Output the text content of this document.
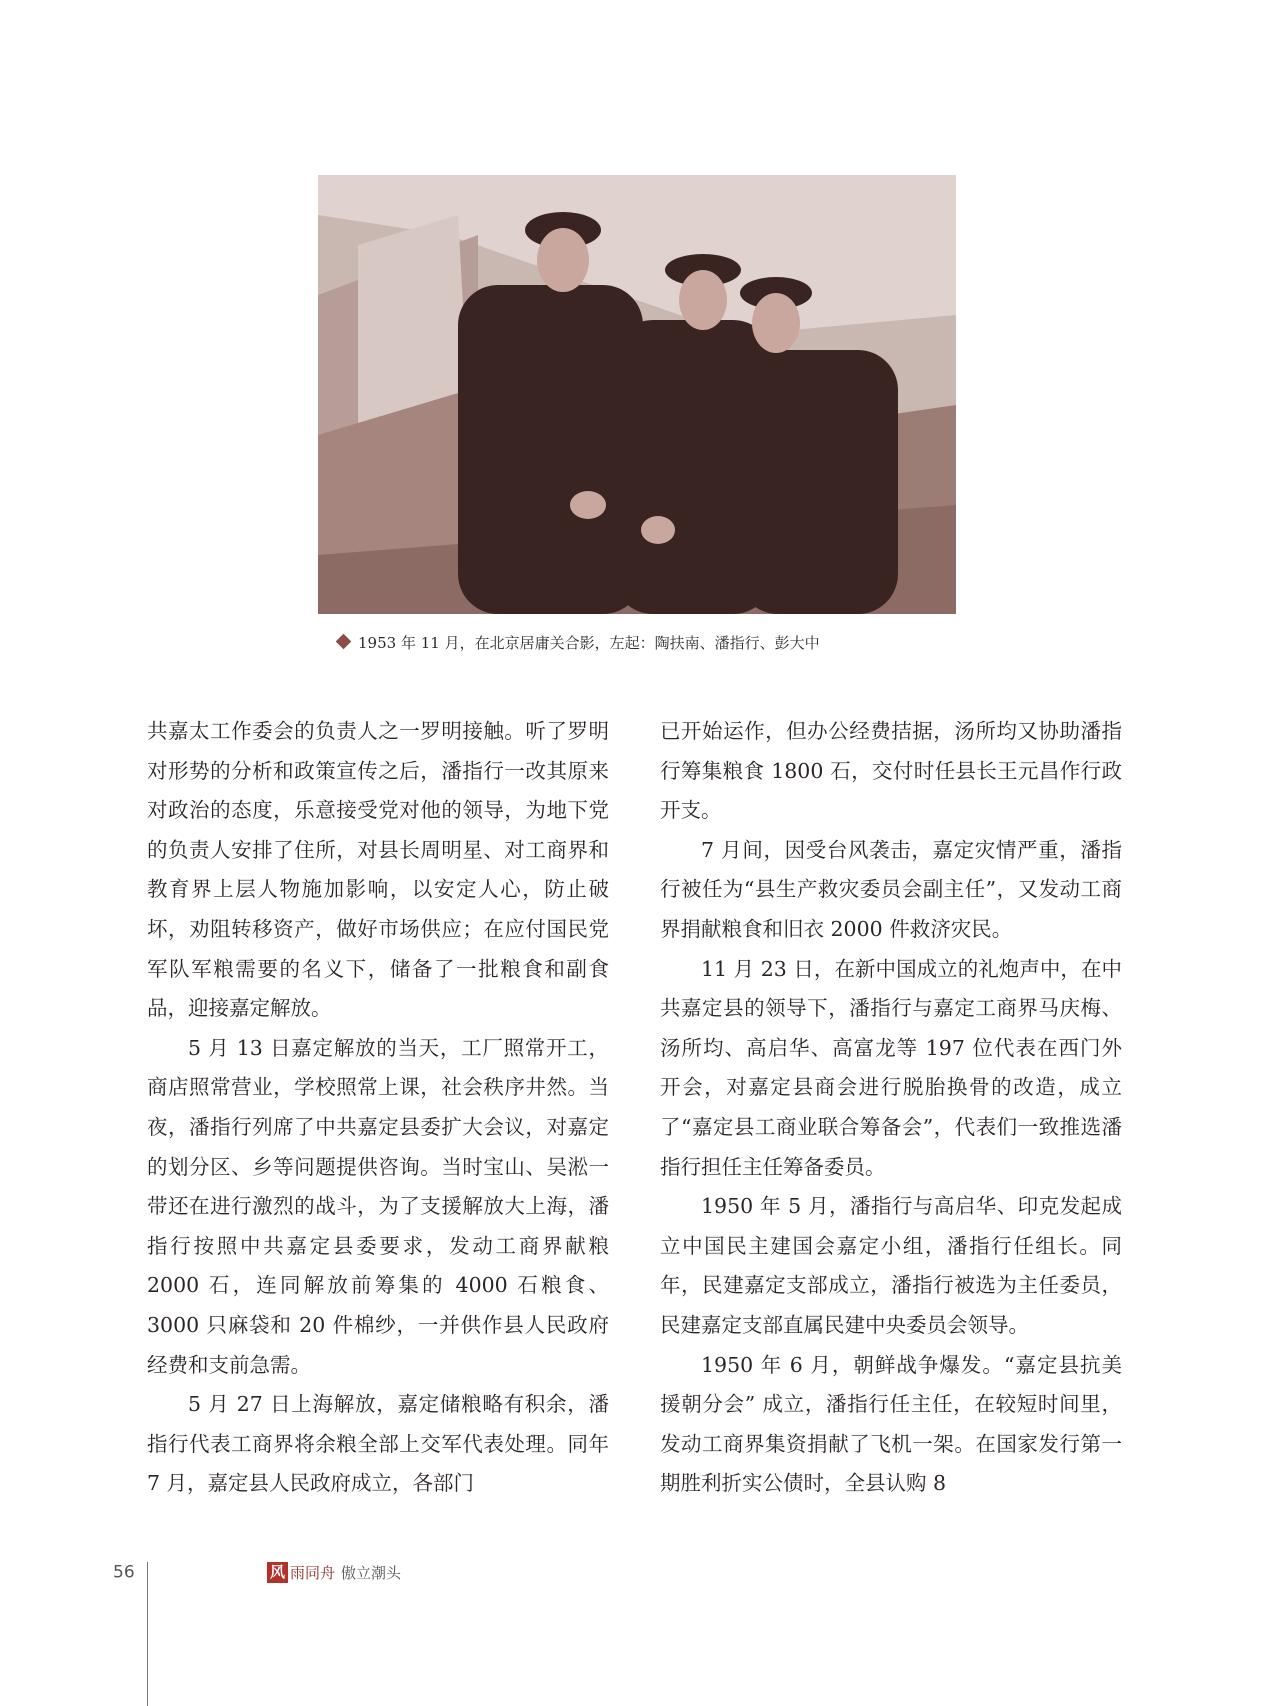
1953 年 11 月，在北京居庸关合影，左起：陶扶南、潘指行、彭大中

共嘉太工作委会的负责人之一罗明接触。听了罗明对形势的分析和政策宣传之后，潘指行一改其原来对政治的态度，乐意接受党对他的领导，为地下党的负责人安排了住所，对县长周明星、对工商界和教育界上层人物施加影响，以安定人心，防止破坏，劝阻转移资产，做好市场供应；在应付国民党军队军粮需要的名义下，储备了一批粮食和副食品，迎接嘉定解放。

5 月 13 日嘉定解放的当天，工厂照常开工，商店照常营业，学校照常上课，社会秩序井然。当夜，潘指行列席了中共嘉定县委扩大会议，对嘉定的划分区、乡等问题提供咨询。当时宝山、吴淞一带还在进行激烈的战斗，为了支援解放大上海，潘指行按照中共嘉定县委要求，发动工商界献粮 2000 石，连同解放前筹集的 4000 石粮食、3000 只麻袋和 20 件棉纱，一并供作县人民政府经费和支前急需。

5 月 27 日上海解放，嘉定储粮略有积余，潘指行代表工商界将余粮全部上交军代表处理。同年 7 月，嘉定县人民政府成立，各部门

已开始运作，但办公经费拮据，汤所均又协助潘指行筹集粮食 1800 石，交付时任县长王元昌作行政开支。

7 月间，因受台风袭击，嘉定灾情严重，潘指行被任为“县生产救灾委员会副主任”，又发动工商界捐献粮食和旧衣 2000 件救济灾民。

11 月 23 日，在新中国成立的礼炮声中，在中共嘉定县的领导下，潘指行与嘉定工商界马庆梅、汤所均、高启华、高富龙等 197 位代表在西门外开会，对嘉定县商会进行脱胎换骨的改造，成立了“嘉定县工商业联合筹备会”，代表们一致推选潘指行担任主任筹备委员。

1950 年 5 月，潘指行与高启华、印克发起成立中国民主建国会嘉定小组，潘指行任组长。同年，民建嘉定支部成立，潘指行被选为主任委员，民建嘉定支部直属民建中央委员会领导。

1950 年 6 月，朝鲜战争爆发。“嘉定县抗美援朝分会” 成立，潘指行任主任，在较短时间里，发动工商界集资捐献了飞机一架。在国家发行第一期胜利折实公债时，全县认购 8

56	风 雨同舟 傲立潮头
